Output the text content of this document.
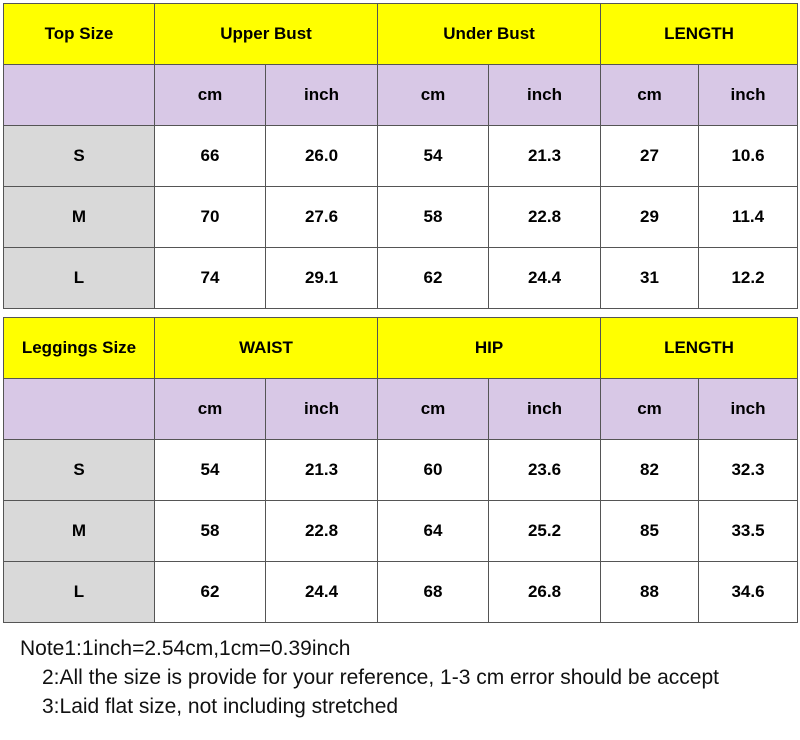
Top Size	Upper Bust		Under Bust		LENGTH	
	cm	inch	cm	inch	cm	inch
S	66	26.0	54	21.3	27	10.6
M	70	27.6	58	22.8	29	11.4
L	74	29.1	62	24.4	31	12.2
Leggings Size	WAIST		HIP		LENGTH	
	cm	inch	cm	inch	cm	inch
S	54	21.3	60	23.6	82	32.3
M	58	22.8	64	25.2	85	33.5
L	62	24.4	68	26.8	88	34.6
Note1:1inch=2.54cm,1cm=0.39inch
2:All the size is provide for your reference, 1-3 cm error should be accept
3:Laid flat size, not including stretched
